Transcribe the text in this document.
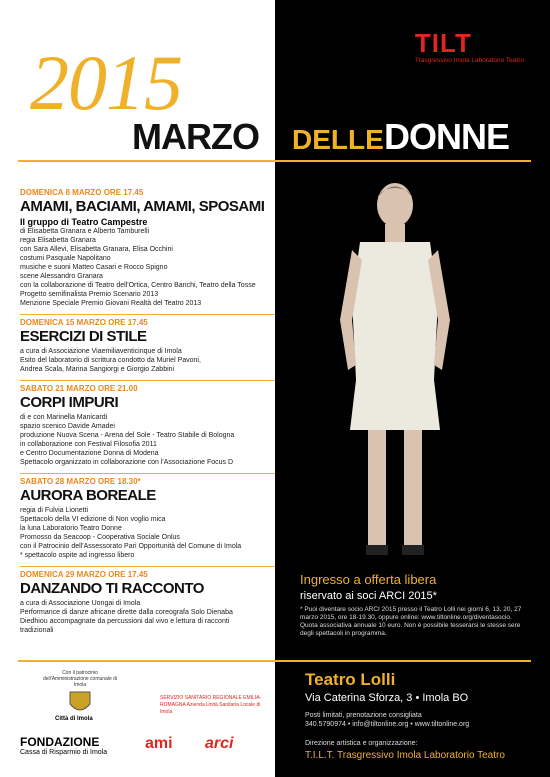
TILT
Trasgressivo Imola Laboratorio Teatro
2015
MARZO DELLE DONNE
DOMENICA 8 MARZO ORE 17.45
AMAMI, BACIAMI, AMAMI, SPOSAMI
Il gruppo di Teatro Campestre
di Elisabetta Granara e Alberto Tamburelli
regia Elisabetta Granara
con Sara Allevi, Elisabetta Granara, Elisa Occhini
costumi Pasquale Napolitano
musiche e suoni Matteo Casari e Rocco Spigno
scene Alessandro Granara
con la collaborazione di Teatro dell'Ortica, Centro Banchi, Teatro della Tosse
Progetto semifinalista Premio Scenario 2013
Menzione Speciale Premio Giovani Realtà del Teatro 2013
DOMENICA 15 MARZO ORE 17.45
ESERCIZI DI STILE
a cura di Associazione Viaemiliaventicinque di Imola
Esito del laboratorio di scrittura condotto da Muriel Pavoni,
Andrea Scala, Marina Sangiorgi e Giorgio Zabbini
SABATO 21 MARZO ORE 21.00
CORPI IMPURI
di e con Marinella Manicardi
spazio scenico Davide Amadei
produzione Nuova Scena - Arena del Sole - Teatro Stabile di Bologna
in collaborazione con Festival Filosofia 2011
e Centro Documentazione Donna di Modena
Spettacolo organizzato in collaborazione con l'Associazione Focus D
SABATO 28 MARZO ORE 18.30*
AURORA BOREALE
regia di Fulvia Lionetti
Spettacolo della VI edizione di Non voglio mica
la luna Laboratorio Teatro Donne
Promosso da Seacoop - Cooperativa Sociale Onlus
con il Patrocinio dell'Assessorato Pari Opportunità del Comune di Imola
* spettacolo ospite ad ingresso libero
DOMENICA 29 MARZO ORE 17.45
DANZANDO TI RACCONTO
a cura di Associazione Uongai di Imola
Performance di danze africane dirette dalla coreografa Solo Dienaba
Diedhiou accompagnate da percussioni dal vivo e lettura di racconti
tradizionali
Ingresso a offerta libera
riservato ai soci ARCI 2015*
* Puoi diventare socio ARCI 2015 presso il Teatro Lolli nei giorni 6, 13, 20, 27 marzo 2015, ore 18-19.30, oppure online: www.tiltonline.org/diventasocio. Quota associativa annuale 10 euro. Non è possibile tesserarsi le stesse sere degli spettacoli in programma.
Teatro Lolli
Via Caterina Sforza, 3 • Imola BO
Posti limitati, prenotazione consigliata
340.5790974 • info@tiltonline.org • www.tiltonline.org
Direzione artistica e organizzazione:
T.I.L.T. Trasgressivo Imola Laboratorio Teatro
Con il patrocinio dell'Amministrazione comunale di Imola
Città di Imola
SERVIZIO SANITARIO REGIONALE EMILIA-ROMAGNA Azienda Unità Sanitaria Locale di Imola
FONDAZIONE
Cassa di Risparmio di Imola
ami arci
